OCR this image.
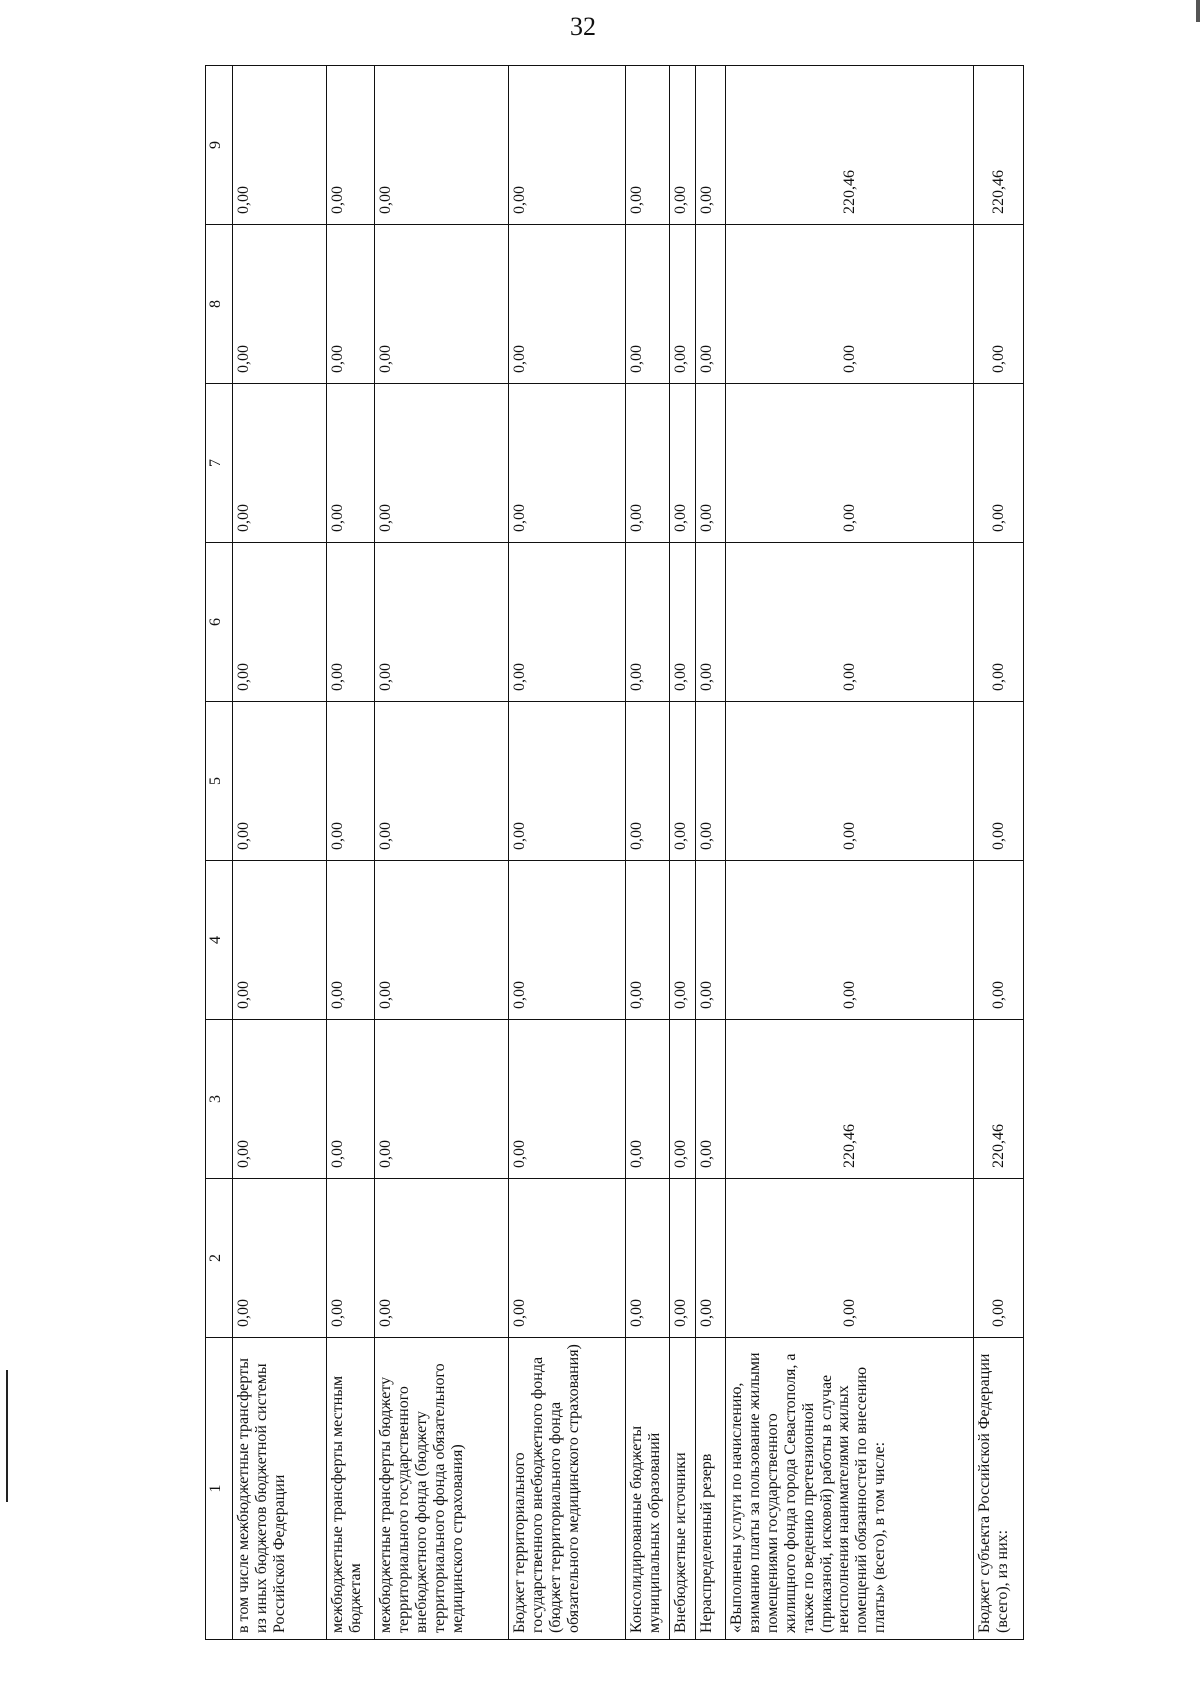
32
1	2	3	4	5	6	7	8	9
в том числе межбюджетные трансферты из иных бюджетов бюджетной системы Российской Федерации	0,00	0,00	0,00	0,00	0,00	0,00	0,00	0,00
межбюджетные трансферты местным бюджетам	0,00	0,00	0,00	0,00	0,00	0,00	0,00	0,00
межбюджетные трансферты бюджету территориального государственного внебюджетного фонда (бюджету территориального фонда обязательного медицинского страхования)	0,00	0,00	0,00	0,00	0,00	0,00	0,00	0,00
Бюджет территориального государственного внебюджетного фонда (бюджет территориального фонда обязательного медицинского страхования)	0,00	0,00	0,00	0,00	0,00	0,00	0,00	0,00
Консолидированные бюджеты муниципальных образований	0,00	0,00	0,00	0,00	0,00	0,00	0,00	0,00
Внебюджетные источники	0,00	0,00	0,00	0,00	0,00	0,00	0,00	0,00
Нераспределенный резерв	0,00	0,00	0,00	0,00	0,00	0,00	0,00	0,00
«Выполнены услуги по начислению, взиманию платы за пользование жилыми помещениями государственного жилищного фонда города Севастополя, а также по ведению претензионной (приказной, исковой) работы в случае неисполнения нанимателями жилых помещений обязанностей по внесению платы» (всего), в том числе:	0,00	220,46	0,00	0,00	0,00	0,00	0,00	220,46
Бюджет субъекта Российской Федерации (всего), из них:	0,00	220,46	0,00	0,00	0,00	0,00	0,00	220,46
